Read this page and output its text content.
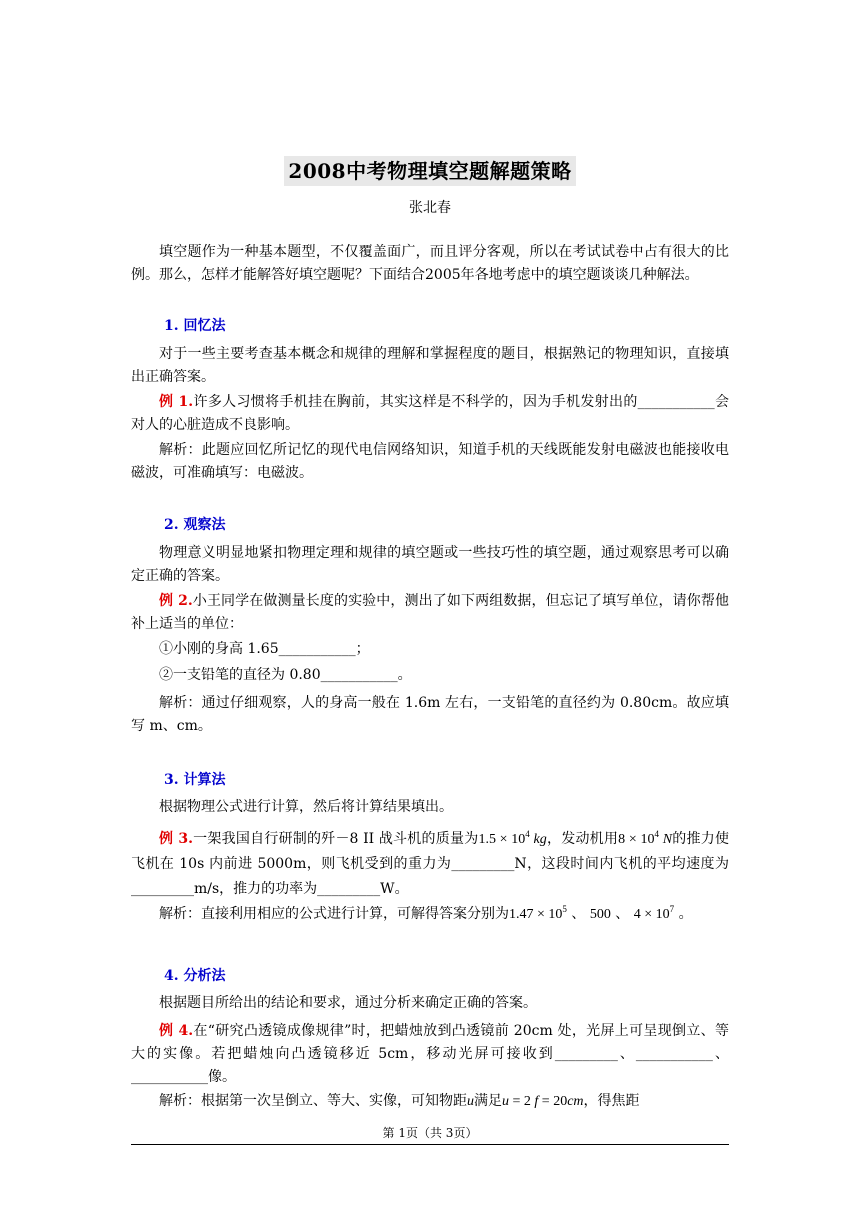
2008中考物理填空题解题策略
张北春

填空题作为一种基本题型，不仅覆盖面广，而且评分客观，所以在考试试卷中占有很大的比例。那么，怎样才能解答好填空题呢？下面结合2005年各地考虑中的填空题谈谈几种解法。

1. 回忆法

对于一些主要考查基本概念和规律的理解和掌握程度的题目，根据熟记的物理知识，直接填出正确答案。

例 1.许多人习惯将手机挂在胸前，其实这样是不科学的，因为手机发射出的___________会对人的心脏造成不良影响。

解析：此题应回忆所记忆的现代电信网络知识，知道手机的天线既能发射电磁波也能接收电磁波，可准确填写：电磁波。

2. 观察法

物理意义明显地紧扣物理定理和规律的填空题或一些技巧性的填空题，通过观察思考可以确定正确的答案。

例 2.小王同学在做测量长度的实验中，测出了如下两组数据，但忘记了填写单位，请你帮他补上适当的单位：

①小刚的身高 1.65___________；

②一支铅笔的直径为 0.80___________。

解析：通过仔细观察，人的身高一般在 1.6m 左右，一支铅笔的直径约为 0.80cm。故应填写 m、cm。

3. 计算法

根据物理公式进行计算，然后将计算结果填出。

例 3.一架我国自行研制的歼－8 II 战斗机的质量为$1.5 \times 10^4$ kg，发动机用$8 \times 10^4$ N的推力使飞机在 10s 内前进 5000m，则飞机受到的重力为_________N，这段时间内飞机的平均速度为_________m/s，推力的功率为_________W。

解析：直接利用相应的公式进行计算，可解得答案分别为$1.47 \times 10^5$ 、 500 、 $4 \times 10^7$ 。

4. 分析法

根据题目所给出的结论和要求，通过分析来确定正确的答案。

例 4.在“研究凸透镜成像规律”时，把蜡烛放到凸透镜前 20cm 处，光屏上可呈现倒立、等大的实像。若把蜡烛向凸透镜移近 5cm，移动光屏可接收到_________、___________、___________像。

解析：根据第一次呈倒立、等大、实像，可知物距u满足u = 2 f = 20cm，得焦距

第 1页（共 3页）
